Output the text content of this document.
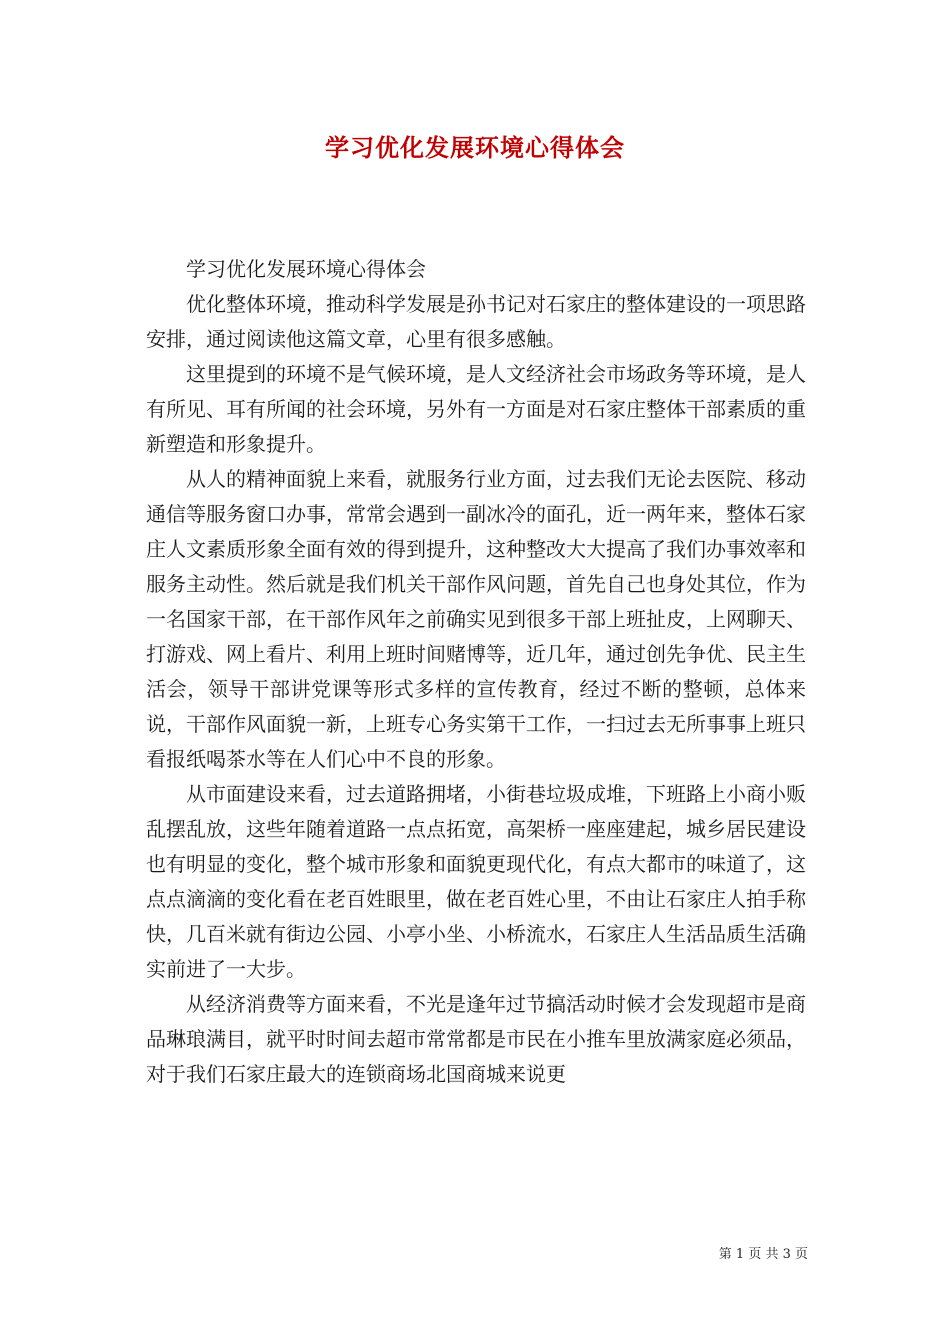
学习优化发展环境心得体会

学习优化发展环境心得体会

优化整体环境，推动科学发展是孙书记对石家庄的整体建设的一项思路安排，通过阅读他这篇文章，心里有很多感触。

这里提到的环境不是气候环境，是人文经济社会市场政务等环境，是人有所见、耳有所闻的社会环境，另外有一方面是对石家庄整体干部素质的重新塑造和形象提升。

从人的精神面貌上来看，就服务行业方面，过去我们无论去医院、移动通信等服务窗口办事，常常会遇到一副冰冷的面孔，近一两年来，整体石家庄人文素质形象全面有效的得到提升，这种整改大大提高了我们办事效率和服务主动性。然后就是我们机关干部作风问题，首先自己也身处其位，作为一名国家干部，在干部作风年之前确实见到很多干部上班扯皮，上网聊天、打游戏、网上看片、利用上班时间赌博等，近几年，通过创先争优、民主生活会，领导干部讲党课等形式多样的宣传教育，经过不断的整顿，总体来说，干部作风面貌一新，上班专心务实第干工作，一扫过去无所事事上班只看报纸喝茶水等在人们心中不良的形象。

从市面建设来看，过去道路拥堵，小街巷垃圾成堆，下班路上小商小贩乱摆乱放，这些年随着道路一点点拓宽，高架桥一座座建起，城乡居民建设也有明显的变化，整个城市形象和面貌更现代化，有点大都市的味道了，这点点滴滴的变化看在老百姓眼里，做在老百姓心里，不由让石家庄人拍手称快，几百米就有街边公园、小亭小坐、小桥流水，石家庄人生活品质生活确实前进了一大步。

从经济消费等方面来看，不光是逢年过节搞活动时候才会发现超市是商品琳琅满目，就平时时间去超市常常都是市民在小推车里放满家庭必须品，对于我们石家庄最大的连锁商场北国商城来说更

第 1 页 共 3 页
